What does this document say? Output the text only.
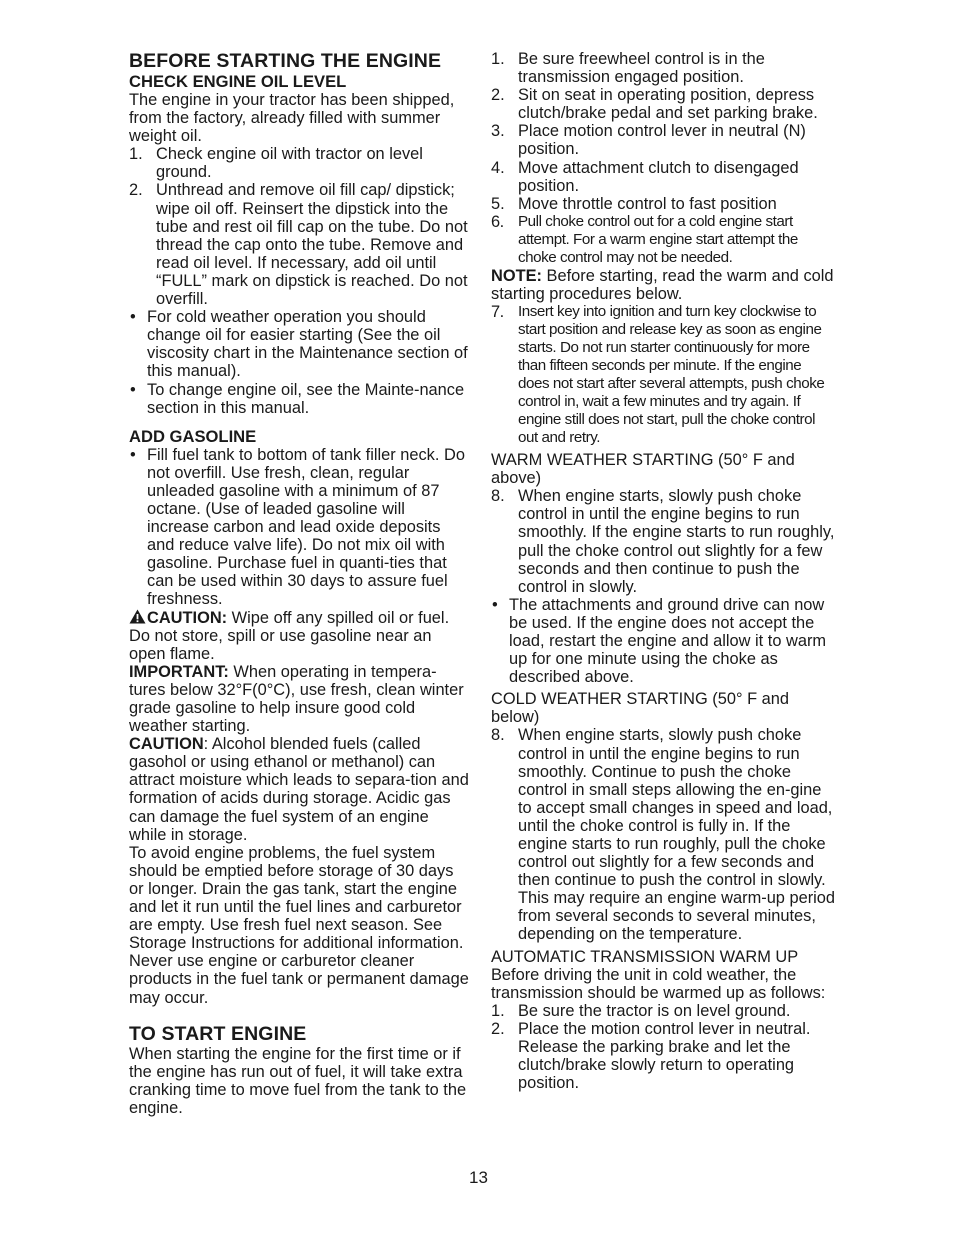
BEFORE STARTING THE ENGINE
CHECK ENGINE OIL LEVEL

The engine in your tractor has been shipped, from the factory, already filled with summer weight oil.

1. Check engine oil with tractor on level ground.
2. Unthread and remove oil fill cap/ dipstick; wipe oil off. Reinsert the dipstick into the tube and rest oil fill cap on the tube. Do not thread the cap onto the tube. Remove and read oil level. If necessary, add oil until “FULL” mark on dipstick is reached. Do not overfill.
• For cold weather operation you should change oil for easier starting (See the oil viscosity chart in the Maintenance section of this manual).
• To change engine oil, see the Mainte-nance section in this manual.
ADD GASOLINE
• Fill fuel tank to bottom of tank filler neck. Do not overfill. Use fresh, clean, regular unleaded gasoline with a minimum of 87 octane. (Use of leaded gasoline will increase carbon and lead oxide deposits and reduce valve life). Do not mix oil with gasoline. Purchase fuel in quanti-ties that can be used within 30 days to assure fuel freshness.

CAUTION: Wipe off any spilled oil or fuel. Do not store, spill or use gasoline near an open flame.

IMPORTANT: When operating in tempera-tures below 32°F(0°C), use fresh, clean winter grade gasoline to help insure good cold weather starting.

CAUTION: Alcohol blended fuels (called gasohol or using ethanol or methanol) can attract moisture which leads to separa-tion and formation of acids during storage. Acidic gas can damage the fuel system of an engine while in storage.

To avoid engine problems, the fuel system should be emptied before storage of 30 days or longer. Drain the gas tank, start the engine and let it run until the fuel lines and carburetor are empty. Use fresh fuel next season. See Storage Instructions for additional information.

Never use engine or carburetor cleaner products in the fuel tank or permanent damage may occur.

TO START ENGINE

When starting the engine for the first time or if the engine has run out of fuel, it will take extra cranking time to move fuel from the tank to the engine.

1. Be sure freewheel control is in the transmission engaged position.
2. Sit on seat in operating position, depress clutch/brake pedal and set parking brake.
3. Place motion control lever in neutral (N) position.
4. Move attachment clutch to disengaged position.
5. Move throttle control to fast position
6. Pull choke control out for a cold engine start attempt. For a warm engine start attempt the choke control may not be needed.

NOTE: Before starting, read the warm and cold starting procedures below.

7. Insert key into ignition and turn key clockwise to start position and release key as soon as engine starts. Do not run starter continuously for more than fifteen seconds per minute. If the engine does not start after several attempts, push choke control in, wait a few minutes and try again. If engine still does not start, pull the choke control out and retry.

WARM WEATHER STARTING (50° F and above)

8. When engine starts, slowly push choke control in until the engine begins to run smoothly. If the engine starts to run roughly, pull the choke control out slightly for a few seconds and then continue to push the control in slowly.
• The attachments and ground drive can now be used. If the engine does not accept the load, restart the engine and allow it to warm up for one minute using the choke as described above.

COLD WEATHER STARTING (50° F and below)

8. When engine starts, slowly push choke control in until the engine begins to run smoothly. Continue to push the choke control in small steps allowing the en-gine to accept small changes in speed and load, until the choke control is fully in. If the engine starts to run roughly, pull the choke control out slightly for a few seconds and then continue to push the control in slowly. This may require an engine warm-up period from several seconds to several minutes, depending on the temperature.

AUTOMATIC TRANSMISSION WARM UP

Before driving the unit in cold weather, the transmission should be warmed up as follows:

1. Be sure the tractor is on level ground.
2. Place the motion control lever in neutral. Release the parking brake and let the clutch/brake slowly return to operating position.
13
